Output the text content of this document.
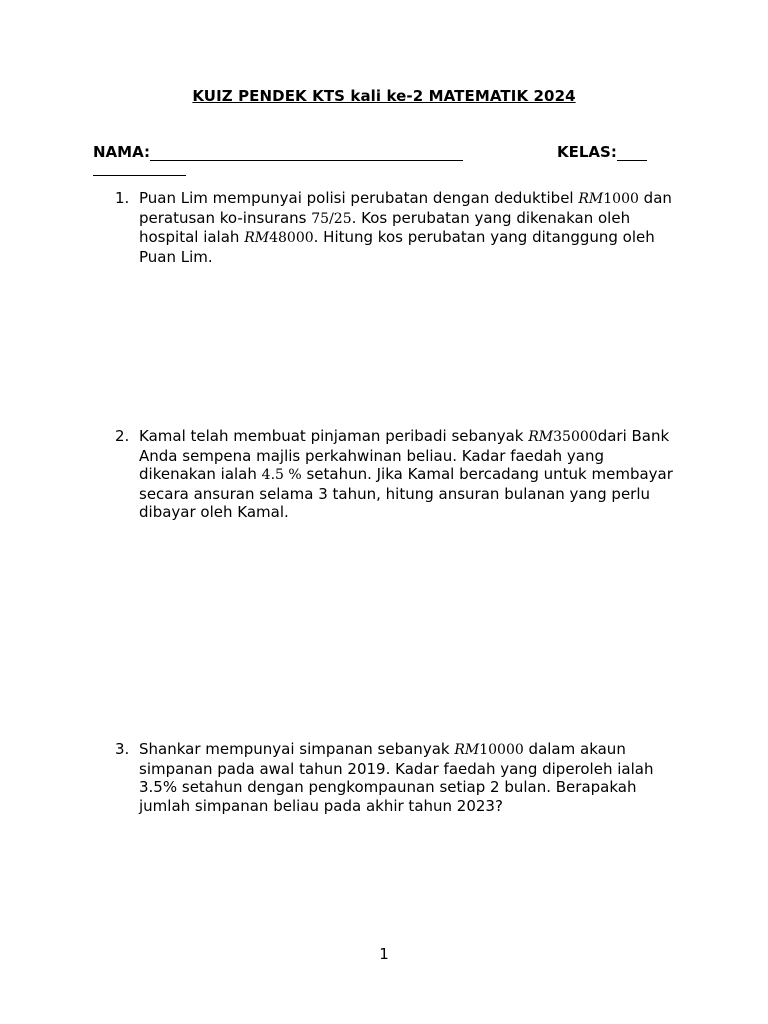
KUIZ PENDEK KTS kali ke-2 MATEMATIK 2024
NAMA:	KELAS:
1. Puan Lim mempunyai polisi perubatan dengan deduktibel RM1000 dan peratusan ko-insurans 75/25. Kos perubatan yang dikenakan oleh hospital ialah RM48000. Hitung kos perubatan yang ditanggung oleh Puan Lim.
2. Kamal telah membuat pinjaman peribadi sebanyak RM35000dari Bank Anda sempena majlis perkahwinan beliau. Kadar faedah yang dikenakan ialah 4.5 % setahun. Jika Kamal bercadang untuk membayar secara ansuran selama 3 tahun, hitung ansuran bulanan yang perlu dibayar oleh Kamal.
3. Shankar mempunyai simpanan sebanyak RM10000 dalam akaun simpanan pada awal tahun 2019. Kadar faedah yang diperoleh ialah 3.5% setahun dengan pengkompaunan setiap 2 bulan. Berapakah jumlah simpanan beliau pada akhir tahun 2023?
1
